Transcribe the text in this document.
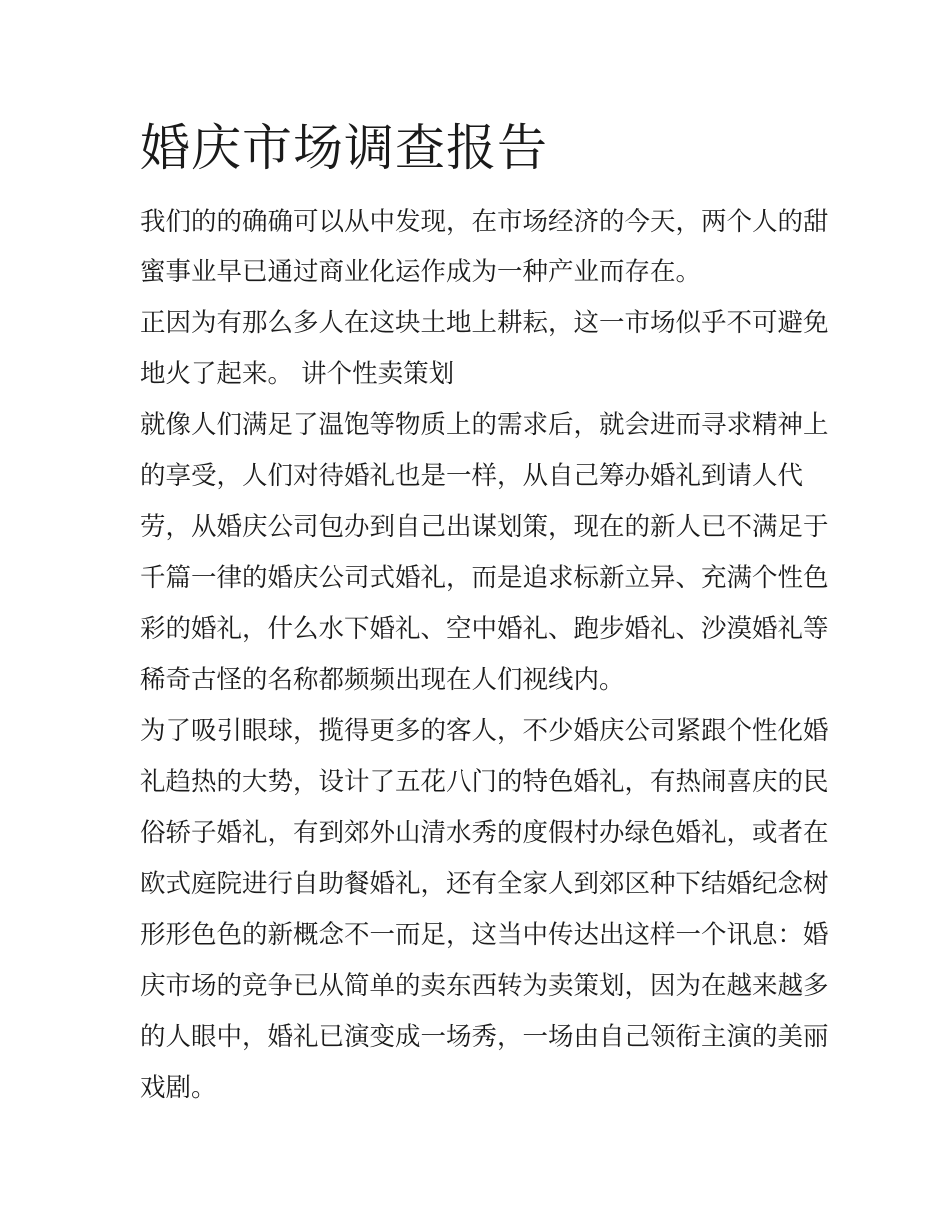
婚庆市场调查报告

我们的的确确可以从中发现，在市场经济的今天，两个人的甜

蜜事业早已通过商业化运作成为一种产业而存在。

正因为有那么多人在这块土地上耕耘，这一市场似乎不可避免

地火了起来。 讲个性卖策划

就像人们满足了温饱等物质上的需求后，就会进而寻求精神上

的享受，人们对待婚礼也是一样，从自己筹办婚礼到请人代

劳，从婚庆公司包办到自己出谋划策，现在的新人已不满足于

千篇一律的婚庆公司式婚礼，而是追求标新立异、充满个性色

彩的婚礼，什么水下婚礼、空中婚礼、跑步婚礼、沙漠婚礼等

稀奇古怪的名称都频频出现在人们视线内。

为了吸引眼球，揽得更多的客人，不少婚庆公司紧跟个性化婚

礼趋热的大势，设计了五花八门的特色婚礼，有热闹喜庆的民

俗轿子婚礼，有到郊外山清水秀的度假村办绿色婚礼，或者在

欧式庭院进行自助餐婚礼，还有全家人到郊区种下结婚纪念树

形形色色的新概念不一而足，这当中传达出这样一个讯息：婚

庆市场的竞争已从简单的卖东西转为卖策划，因为在越来越多

的人眼中，婚礼已演变成一场秀，一场由自己领衔主演的美丽

戏剧。
